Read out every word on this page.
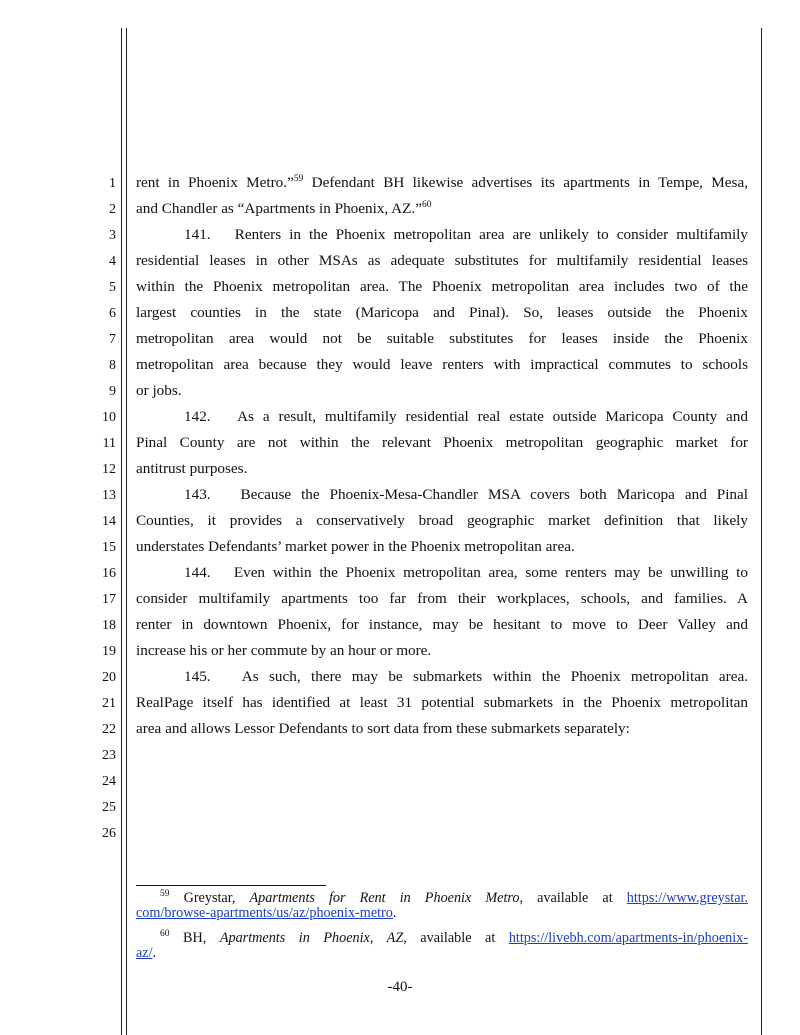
1
2
3
4
5
6
7
8
9
10
11
12
13
14
15
16
17
18
19
20
21
22
23
24
25
26
rent in Phoenix Metro.”$^{59}$ Defendant BH likewise advertises its apartments in Tempe, Mesa,
and Chandler as “Apartments in Phoenix, AZ.”$^{60}$
141.   Renters in the Phoenix metropolitan area are unlikely to consider multifamily
residential leases in other MSAs as adequate substitutes for multifamily residential leases
within the Phoenix metropolitan area. The Phoenix metropolitan area includes two of the
largest counties in the state (Maricopa and Pinal). So, leases outside the Phoenix
metropolitan area would not be suitable substitutes for leases inside the Phoenix
metropolitan area because they would leave renters with impractical commutes to schools
or jobs.
142.   As a result, multifamily residential real estate outside Maricopa County and
Pinal County are not within the relevant Phoenix metropolitan geographic market for
antitrust purposes.
143.   Because the Phoenix-Mesa-Chandler MSA covers both Maricopa and Pinal
Counties, it provides a conservatively broad geographic market definition that likely
understates Defendants’ market power in the Phoenix metropolitan area.
144.   Even within the Phoenix metropolitan area, some renters may be unwilling to
consider multifamily apartments too far from their workplaces, schools, and families. A
renter in downtown Phoenix, for instance, may be hesitant to move to Deer Valley and
increase his or her commute by an hour or more.
145.   As such, there may be submarkets within the Phoenix metropolitan area.
RealPage itself has identified at least 31 potential submarkets in the Phoenix metropolitan
area and allows Lessor Defendants to sort data from these submarkets separately:
$^{59}$ Greystar, Apartments for Rent in Phoenix Metro, available at https://www.greystar.
com/browse-apartments/us/az/phoenix-metro.
$^{60}$ BH, Apartments in Phoenix, AZ, available at https://livebh.com/apartments-in/phoenix-
az/.
-40-
